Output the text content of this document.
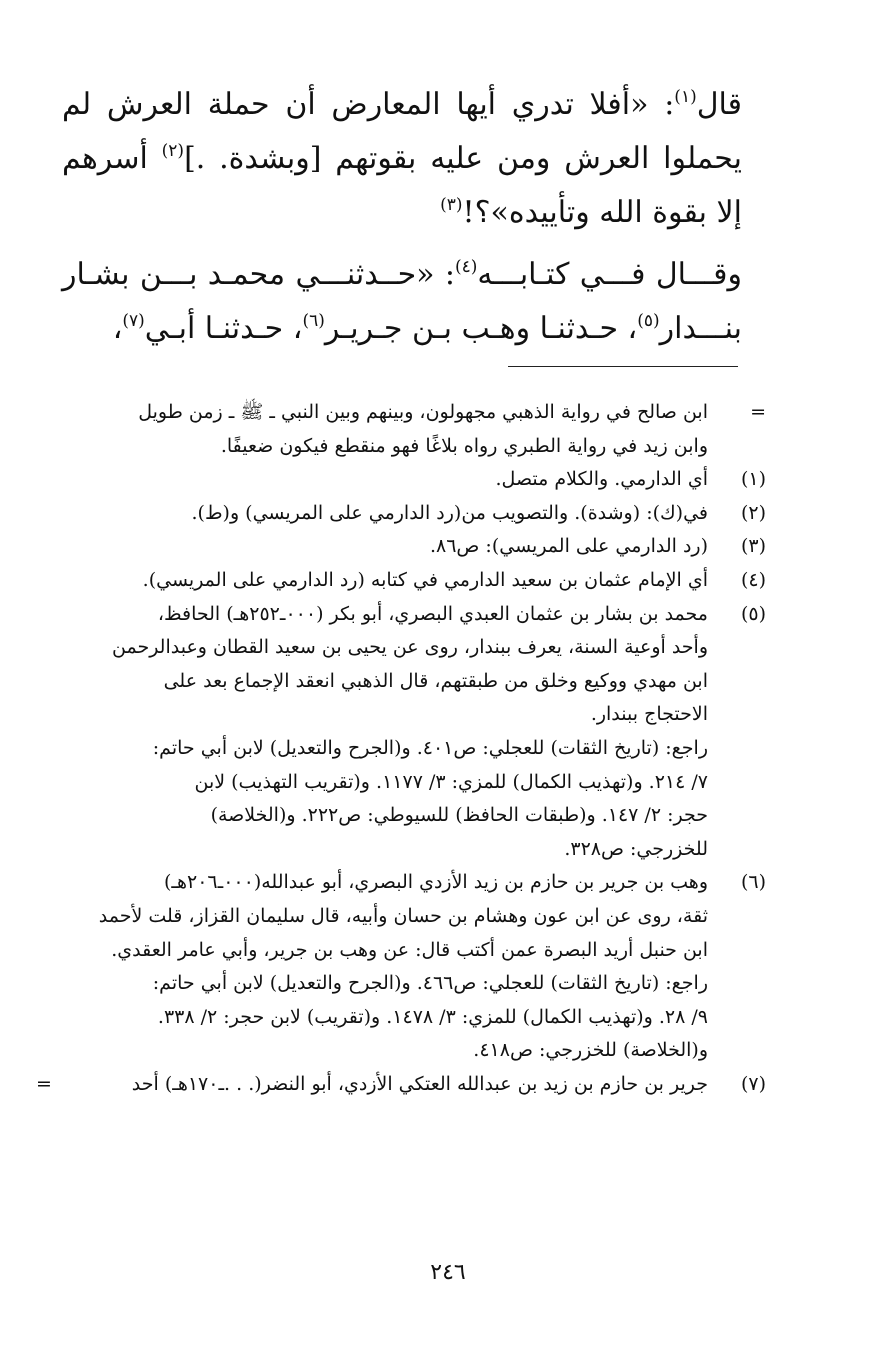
قال$^{(١)}$: «أفلا تدري أيها المعارض أن حملة العرش لم يحملوا العرش ومن عليه بقوتهم [وبشدة. .]$^{(٢)}$ أسرهم إلا بقوة الله وتأييده»؟!$^{(٣)}$

وقـــال فـــي كتـابـــه$^{(٤)}$: «حــدثنـــي محمـد بـــن بشـار بنـــدار$^{(٥)}$، حـدثنـا وهـب بـن جـريـر$^{(٦)}$، حـدثنـا أبـي$^{(٧)}$،

=
ابن صالح في رواية الذهبي مجهولون، وبينهم وبين النبي ـ ﷺ ـ زمن طويل
وابن زيد في رواية الطبري رواه بلاغًا فهو منقطع فيكون ضعيفًا.
(١)
أي الدارمي. والكلام متصل.
(٢)
في(ك): (وشدة). والتصويب من(رد الدارمي على المريسي) و(ط).
(٣)
(رد الدارمي على المريسي): ص٨٦.
(٤)
أي الإمام عثمان بن سعيد الدارمي في كتابه (رد الدارمي على المريسي).
(٥)
محمد بن بشار بن عثمان العبدي البصري، أبو بكر (٠٠٠ـ٢٥٢هـ) الحافظ،
وأحد أوعية السنة، يعرف ببندار، روى عن يحيى بن سعيد القطان وعبدالرحمن
ابن مهدي ووكيع وخلق من طبقتهم، قال الذهبي انعقد الإجماع بعد على
الاحتجاج ببندار.
راجع: (تاريخ الثقات) للعجلي: ص٤٠١. و(الجرح والتعديل) لابن أبي حاتم:
٧/ ٢١٤. و(تهذيب الكمال) للمزي: ٣/ ١١٧٧. و(تقريب التهذيب) لابن
حجر: ٢/ ١٤٧. و(طبقات الحافظ) للسيوطي: ص٢٢٢. و(الخلاصة)
للخزرجي: ص٣٢٨.
(٦)
وهب بن جرير بن حازم بن زيد الأزدي البصري، أبو عبدالله(٠٠٠ـ٢٠٦هـ)
ثقة، روى عن ابن عون وهشام بن حسان وأبيه، قال سليمان القزاز، قلت لأحمد
ابن حنبل أريد البصرة عمن أكتب قال: عن وهب بن جرير، وأبي عامر العقدي.
راجع: (تاريخ الثقات) للعجلي: ص٤٦٦. و(الجرح والتعديل) لابن أبي حاتم:
٩/ ٢٨. و(تهذيب الكمال) للمزي: ٣/ ١٤٧٨. و(تقريب) لابن حجر: ٢/ ٣٣٨.
و(الخلاصة) للخزرجي: ص٤١٨.
(٧)
جرير بن حازم بن زيد بن عبدالله العتكي الأزدي، أبو النضر(. . .ـ١٧٠هـ) أحد
=
٢٤٦
